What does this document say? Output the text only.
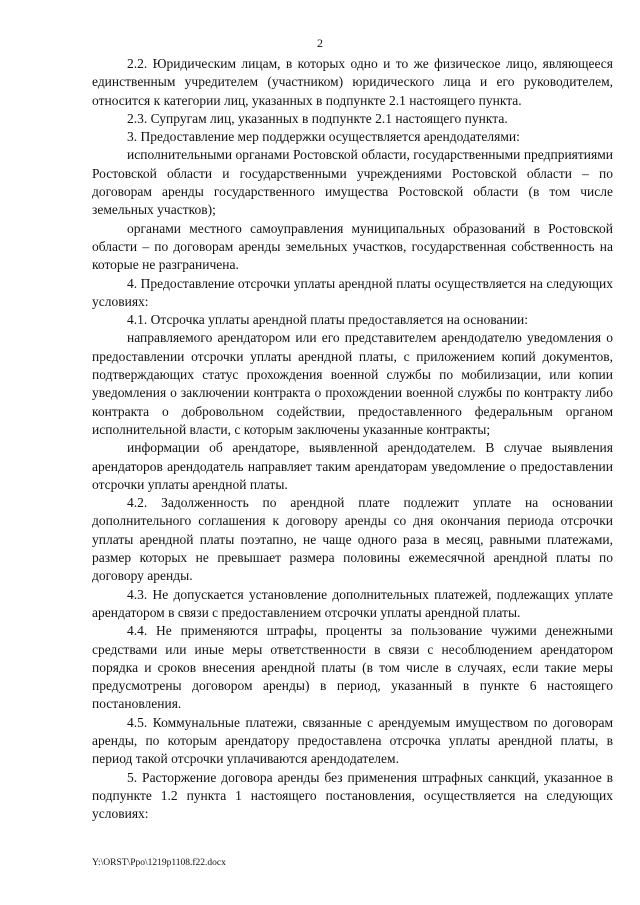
2

2.2. Юридическим лицам, в которых одно и то же физическое лицо, являющееся единственным учредителем (участником) юридического лица и его руководителем, относится к категории лиц, указанных в подпункте 2.1 настоящего пункта.

2.3. Супругам лиц, указанных в подпункте 2.1 настоящего пункта.

3. Предоставление мер поддержки осуществляется арендодателями:

исполнительными органами Ростовской области, государственными предприятиями Ростовской области и государственными учреждениями Ростовской области – по договорам аренды государственного имущества Ростовской области (в том числе земельных участков);

органами местного самоуправления муниципальных образований в Ростовской области – по договорам аренды земельных участков, государственная собственность на которые не разграничена.

4. Предоставление отсрочки уплаты арендной платы осуществляется на следующих условиях:

4.1. Отсрочка уплаты арендной платы предоставляется на основании:

направляемого арендатором или его представителем арендодателю уведомления о предоставлении отсрочки уплаты арендной платы, с приложением копий документов, подтверждающих статус прохождения военной службы по мобилизации, или копии уведомления о заключении контракта о прохождении военной службы по контракту либо контракта о добровольном содействии, предоставленного федеральным органом исполнительной власти, с которым заключены указанные контракты;

информации об арендаторе, выявленной арендодателем. В случае выявления арендаторов арендодатель направляет таким арендаторам уведомление о предоставлении отсрочки уплаты арендной платы.

4.2. Задолженность по арендной плате подлежит уплате на основании дополнительного соглашения к договору аренды со дня окончания периода отсрочки уплаты арендной платы поэтапно, не чаще одного раза в месяц, равными платежами, размер которых не превышает размера половины ежемесячной арендной платы по договору аренды.

4.3. Не допускается установление дополнительных платежей, подлежащих уплате арендатором в связи с предоставлением отсрочки уплаты арендной платы.

4.4. Не применяются штрафы, проценты за пользование чужими денежными средствами или иные меры ответственности в связи с несоблюдением арендатором порядка и сроков внесения арендной платы (в том числе в случаях, если такие меры предусмотрены договором аренды) в период, указанный в пункте 6 настоящего постановления.

4.5. Коммунальные платежи, связанные с арендуемым имуществом по договорам аренды, по которым арендатору предоставлена отсрочка уплаты арендной платы, в период такой отсрочки уплачиваются арендодателем.

5. Расторжение договора аренды без применения штрафных санкций, указанное в подпункте 1.2 пункта 1 настоящего постановления, осуществляется на следующих условиях:

Y:\ORST\Ppo\1219p1108.f22.docx
